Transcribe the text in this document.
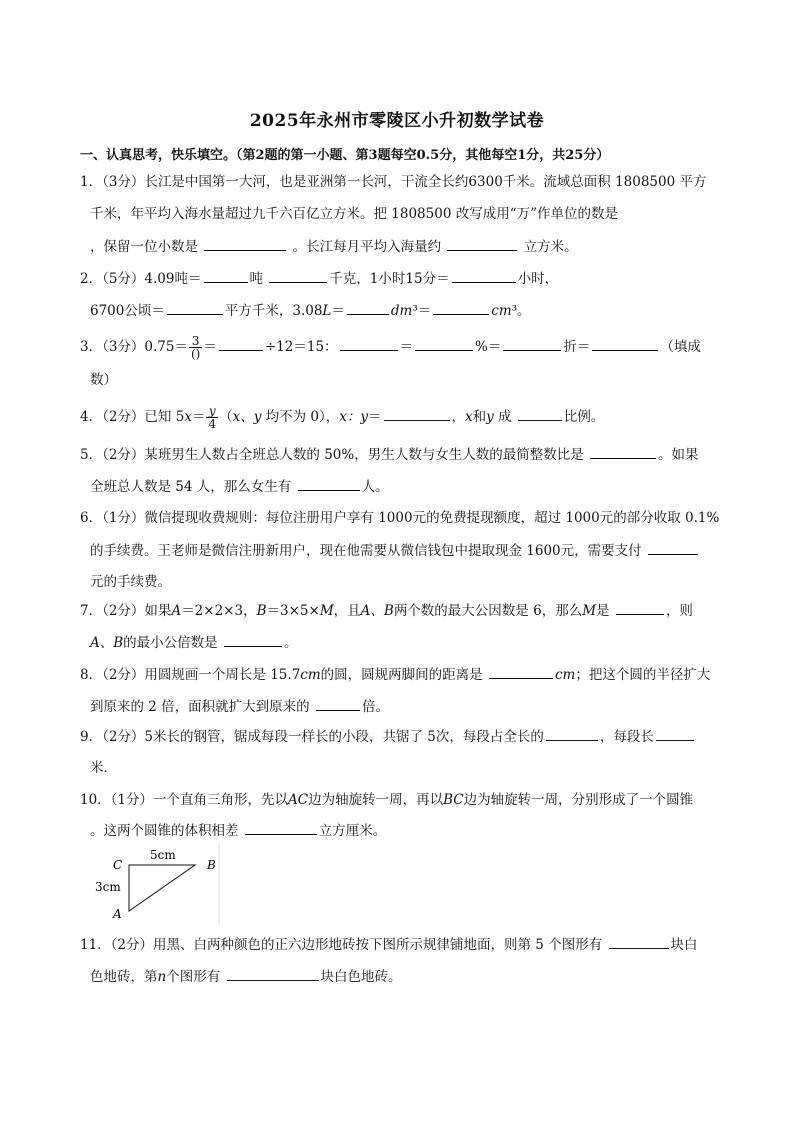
2025年永州市零陵区小升初数学试卷
一、认真思考，快乐填空。（第2题的第一小题、第3题每空0.5分，其他每空1分，共25分）
1．（3分）长江是中国第一大河，也是亚洲第一长河，干流全长约6300千米。流域总面积 1808500 平方
千米，年平均入海水量超过九千六百亿立方米。把 1808500 改写成用“万”作单位的数是
，保留一位小数是	。长江每月平均入海量约	立方米。
2．（5分）4.09吨＝	吨	千克，1小时15分＝	小时，
6700公顷＝	平方千米，3.08L＝	dm³＝	cm³。
3．（3分）$0.75= \frac{3}{()}$ ＝	÷12＝15：	＝	%＝	折＝	（填成
数）
4．（2分）已知 $5x= \frac{y}{4} (x$、y 均不为 0），x：y＝	，x和y 成	比例。
5．（2分）某班男生人数占全班总人数的 50%，男生人数与女生人数的最简整数比是	。如果
全班总人数是 54 人，那么女生有	人。
6．（1分）微信提现收费规则：每位注册用户享有 1000元的免费提现额度，超过 1000元的部分收取 0.1%
的手续费。王老师是微信注册新用户，现在他需要从微信钱包中提取现金 1600元，需要支付
元的手续费。
7．（2分）如果A＝2×2×3，B＝3×5×M，且A、B两个数的最大公因数是 6，那么M是	，则
A、B的最小公倍数是	。
8．（2分）用圆规画一个周长是 15.7cm的圆，圆规两脚间的距离是	cm；把这个圆的半径扩大
到原来的 2 倍，面积就扩大到原来的	倍。
9．（2分）5米长的钢管，锯成每段一样长的小段，共锯了 5次，每段占全长的	，每段长
米．
10．（1分）一个直角三角形，先以AC边为轴旋转一周，再以BC边为轴旋转一周，分别形成了一个圆锥
。这两个圆锥的体积相差	立方厘米。
C	B
A
5cm
3cm
11．（2分）用黑、白两种颜色的正六边形地砖按下图所示规律铺地面，则第 5 个图形有	块白
色地砖，第n个图形有	块白色地砖。
